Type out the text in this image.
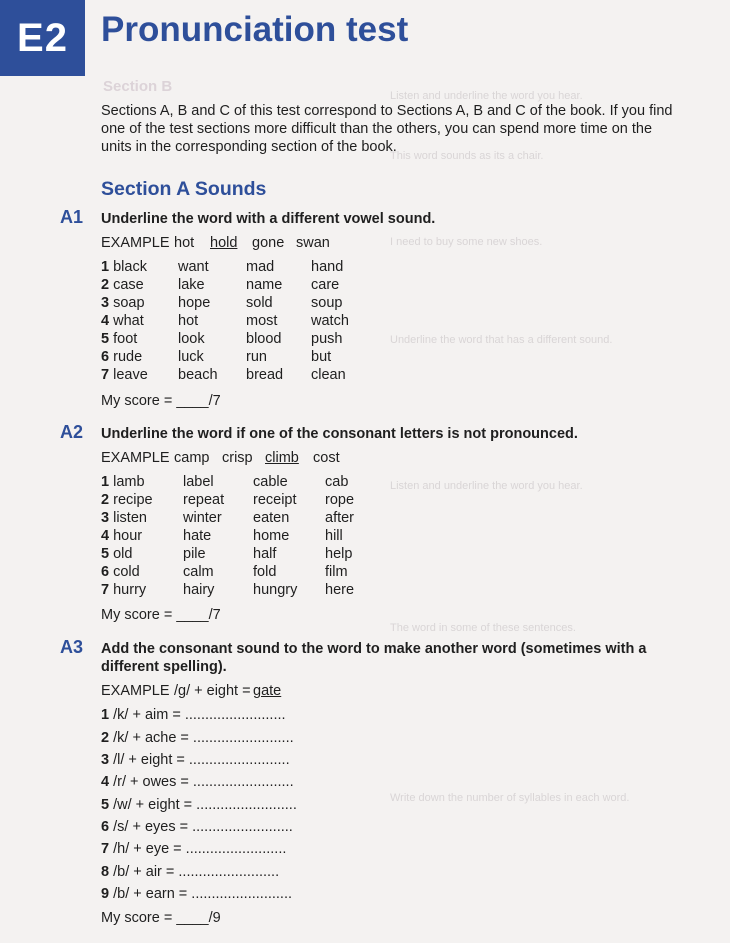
Section B
Listen and underline the word you hear.
This word sounds as its a chair.
I need to buy some new shoes.
Underline the word that has a different sound.
Listen and underline the word you hear.
The word in some of these sentences.
Write down the number of syllables in each word.
E2 Pronunciation test
Sections A, B and C of this test correspond to Sections A, B and C of the book. If you find one of the test sections more difficult than the others, you can spend more time on the units in the corresponding section of the book.
Section A Sounds
A1 Underline the word with a different vowel sound.
EXAMPLE hot hold gone swan
1 black want	mad	hand
2 case lake	name care
3 soap hope sold	soup
4 what hot	most watch
5 foot	look	blood push
6 rude luck	run	but
7 leave beach bread clean
My score = ____/7
A2 Underline the word if one of the consonant letters is not pronounced.
EXAMPLE camp crisp climb cost
1 lamb	label	cable	cab
2 recipe repeat receipt rope
3 listen winter eaten after
4 hour	hate	home hill
5 old	pile	half	help
6 cold	calm	fold	film
7 hurry	hairy	hungry here
My score = ____/7
A3 Add the consonant sound to the word to make another word (sometimes with a
different spelling).
EXAMPLE /g/ + eight = gate
1 /k/ + aim = .........................
2 /k/ + ache = .........................
3 /l/ + eight = .........................
4 /r/ + owes = .........................
5 /w/ + eight = .........................
6 /s/ + eyes = .........................
7 /h/ + eye = .........................
8 /b/ + air = .........................
9 /b/ + earn = .........................
My score = ____/9
